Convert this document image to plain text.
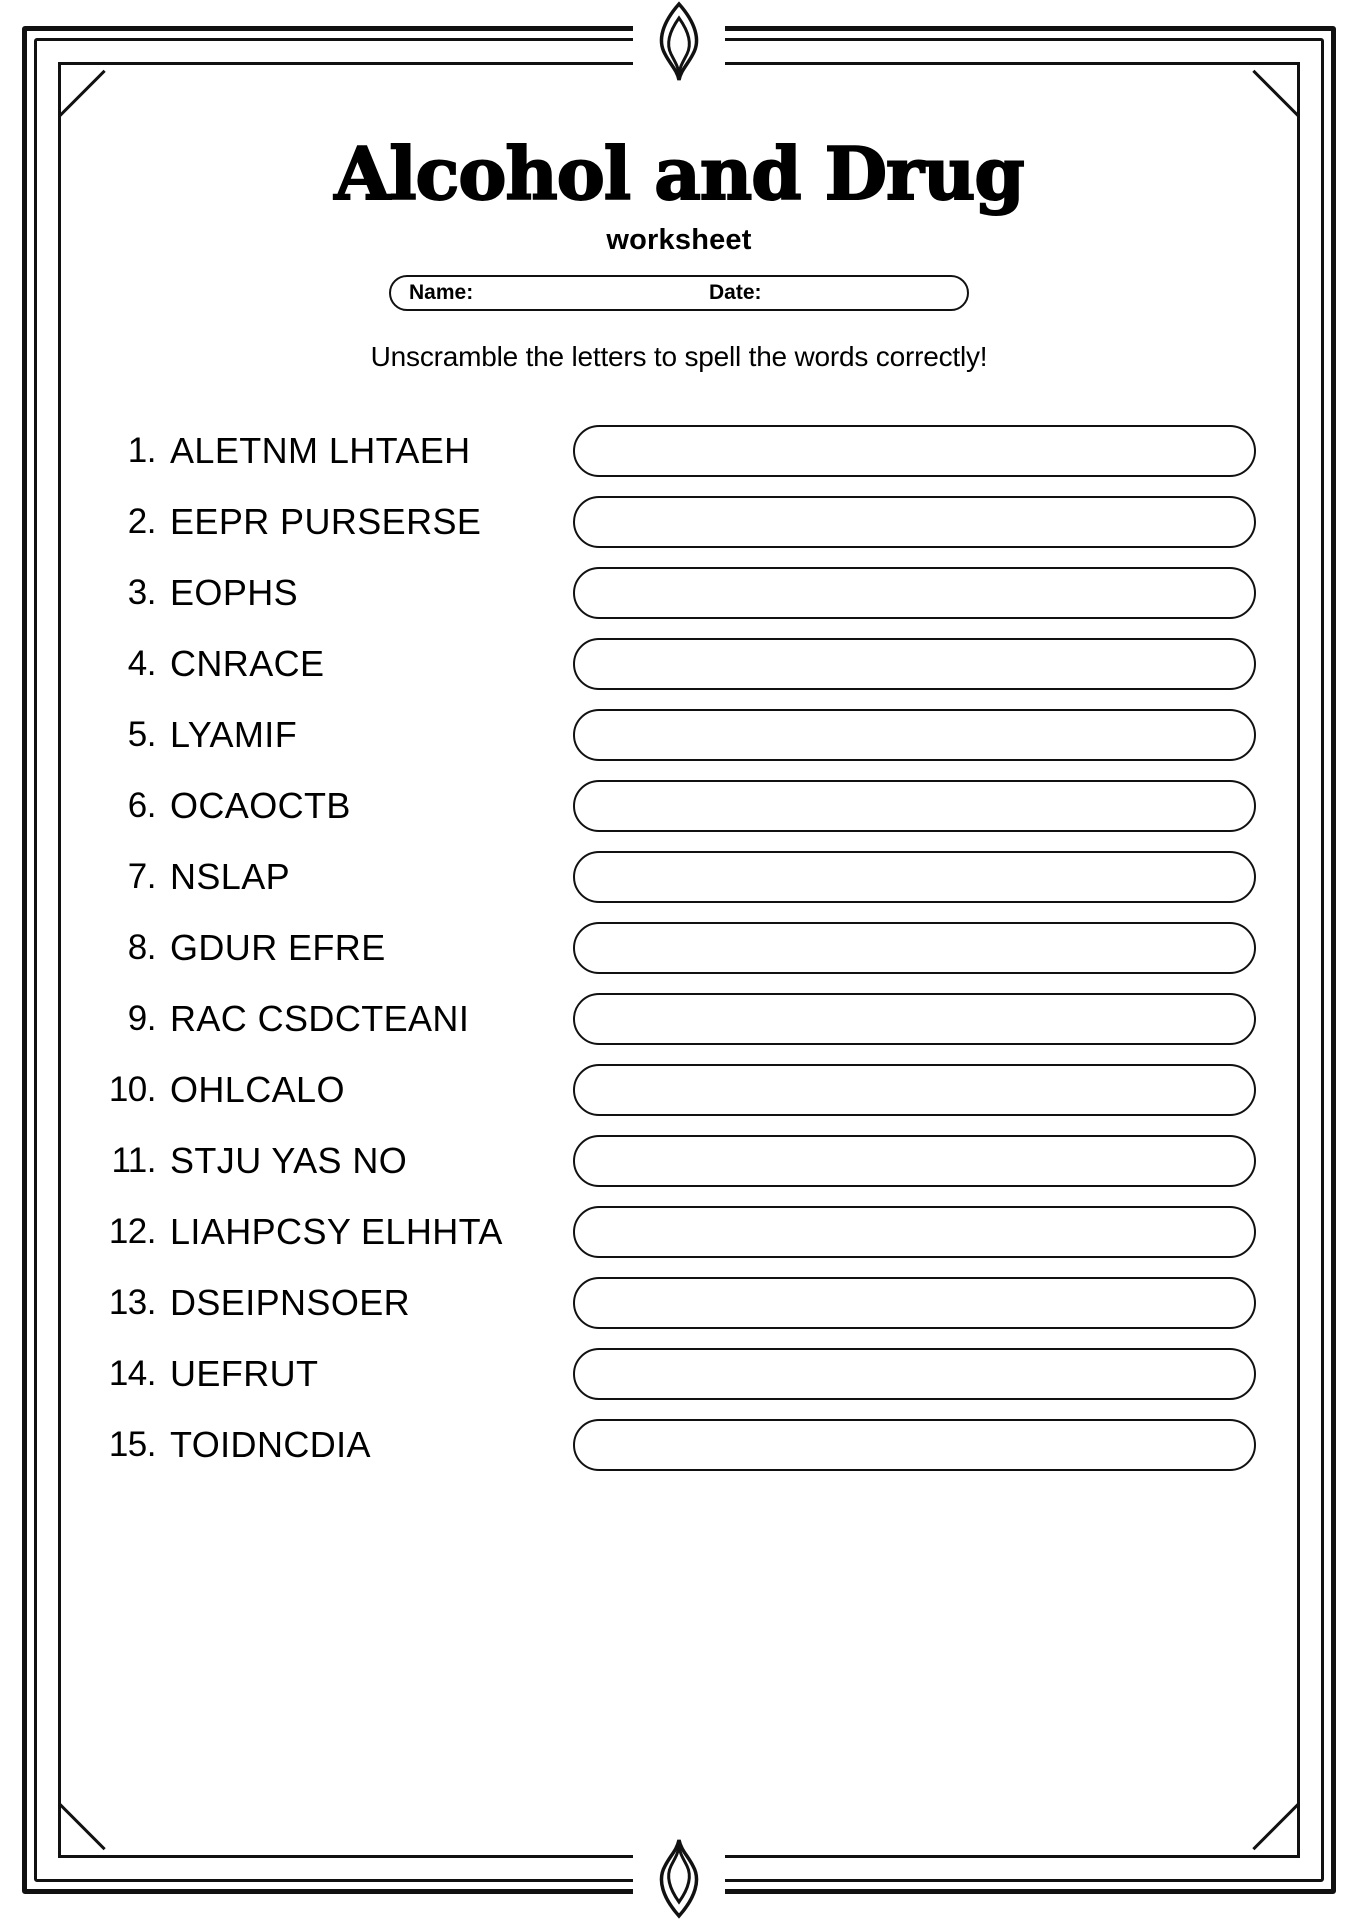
Alcohol and Drug
worksheet
Name:	Date:
Unscramble the letters to spell the words correctly!
1. ALETNM LHTAEH
2. EEPR PURSERSE
3. EOPHS
4. CNRACE
5. LYAMIF
6. OCAOCTB
7. NSLAP
8. GDUR EFRE
9. RAC CSDCTEANI
10. OHLCALO
11. STJU YAS NO
12. LIAHPCSY ELHHTA
13. DSEIPNSOER
14. UEFRUT
15. TOIDNCDIA
